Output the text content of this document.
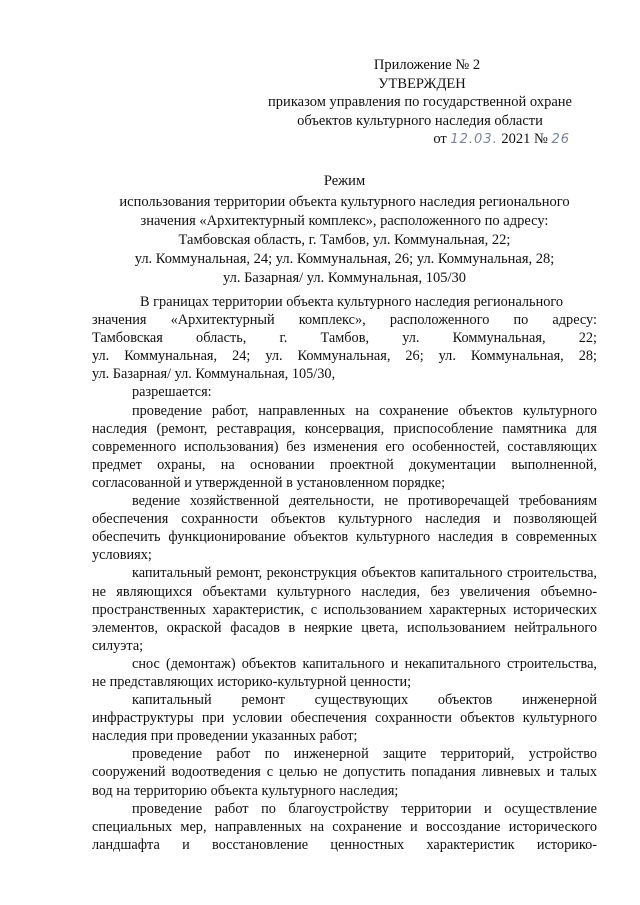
Приложение № 2
УТВЕРЖДЕН
приказом управления по государственной охране
объектов культурного наследия области
от 12.03. 2021 № 26
Режим
использования территории объекта культурного наследия регионального
значения «Архитектурный комплекс», расположенного по адресу:
Тамбовская область, г. Тамбов, ул. Коммунальная, 22;
ул. Коммунальная, 24; ул. Коммунальная, 26; ул. Коммунальная, 28;
ул. Базарная/ ул. Коммунальная, 105/30

В границах территории объекта культурного наследия регионального

значения «Архитектурный комплекс», расположенного по адресу:

Тамбовская область, г. Тамбов, ул. Коммунальная, 22;

ул. Коммунальная, 24; ул. Коммунальная, 26; ул. Коммунальная, 28;

ул. Базарная/ ул. Коммунальная, 105/30,

разрешается:

проведение работ, направленных на сохранение объектов культурного наследия (ремонт, реставрация, консервация, приспособление памятника для современного использования) без изменения его особенностей, составляющих предмет охраны, на основании проектной документации выполненной, согласованной и утвержденной в установленном порядке;

ведение хозяйственной деятельности, не противоречащей требованиям обеспечения сохранности объектов культурного наследия и позволяющей обеспечить функционирование объектов культурного наследия в современных условиях;

капитальный ремонт, реконструкция объектов капитального строительства, не являющихся объектами культурного наследия, без увеличения объемно-пространственных характеристик, с использованием характерных исторических элементов, окраской фасадов в неяркие цвета, использованием нейтрального силуэта;

снос (демонтаж) объектов капитального и некапитального строительства, не представляющих историко-культурной ценности;

капитальный ремонт существующих объектов инженерной инфраструктуры при условии обеспечения сохранности объектов культурного наследия при проведении указанных работ;

проведение работ по инженерной защите территорий, устройство сооружений водоотведения с целью не допустить попадания ливневых и талых вод на территорию объекта культурного наследия;

проведение работ по благоустройству территории и осуществление специальных мер, направленных на сохранение и воссоздание исторического ландшафта и восстановление ценностных характеристик историко-
